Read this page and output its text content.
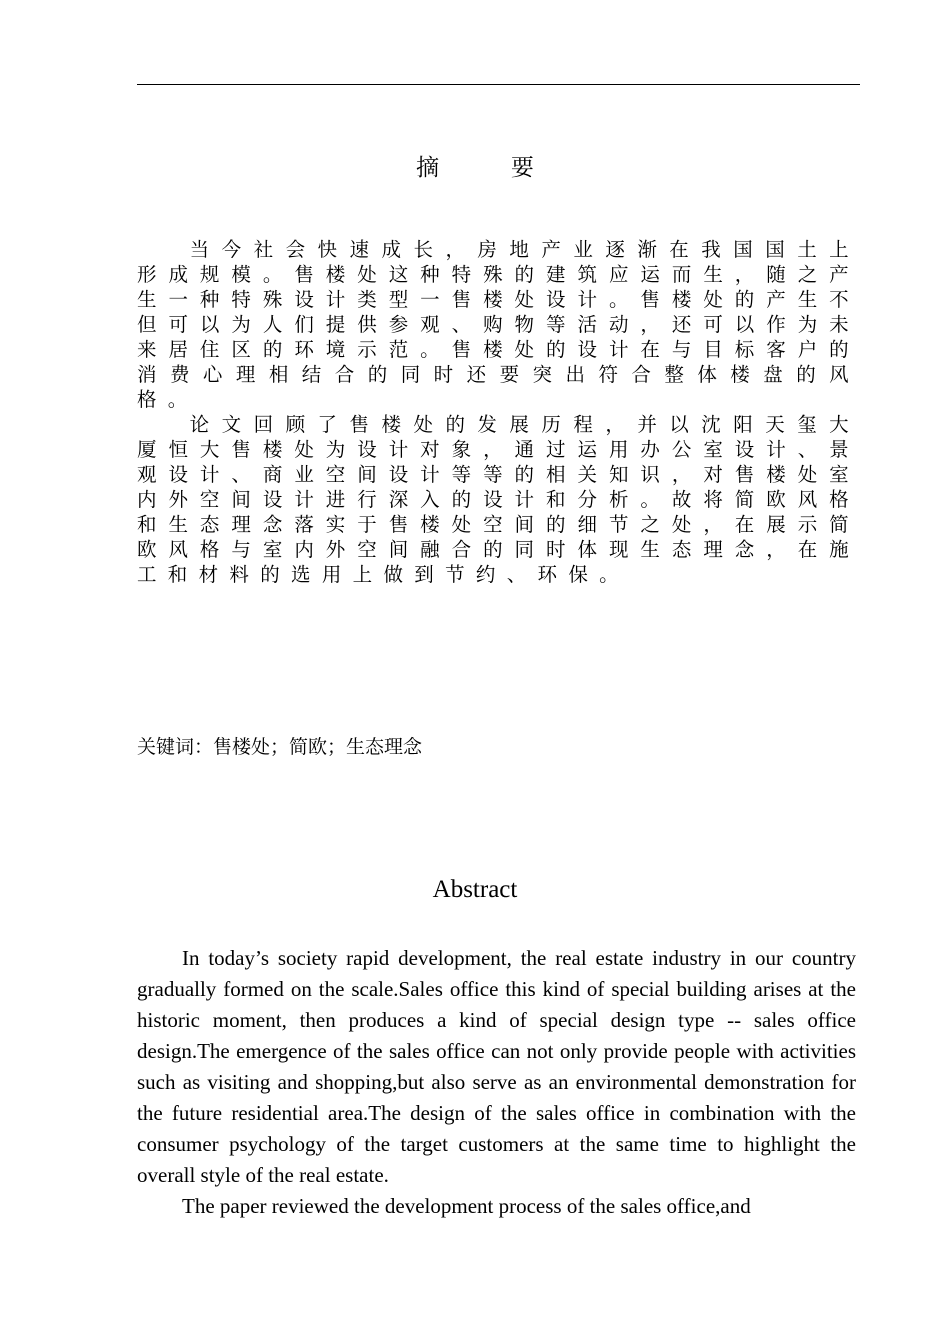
摘 要

当今社会快速成长，房地产业逐渐在我国国土上形成规模。售楼处这种特殊的建筑应运而生，随之产生一种特殊设计类型一售楼处设计。售楼处的产生不但可以为人们提供参观、购物等活动，还可以作为未来居住区的环境示范。售楼处的设计在与目标客户的消费心理相结合的同时还要突出符合整体楼盘的风格。

论文回顾了售楼处的发展历程，并以沈阳天玺大厦恒大售楼处为设计对象，通过运用办公室设计、景观设计、商业空间设计等等的相关知识，对售楼处室内外空间设计进行深入的设计和分析。故将简欧风格和生态理念落实于售楼处空间的细节之处，在展示简欧风格与室内外空间融合的同时体现生态理念，在施工和材料的选用上做到节约、环保。

关键词：售楼处；简欧；生态理念
Abstract

In today’s society rapid development, the real estate industry in our country gradually formed on the scale.Sales office this kind of special building arises at the historic moment, then produces a kind of special design type -- sales office design.The emergence of the sales office can not only provide people with activities such as visiting and shopping,but also serve as an environmental demonstration for the future residential area.The design of the sales office in combination with the consumer psychology of the target customers at the same time to highlight the overall style of the real estate.

The paper reviewed the development process of the sales office,and
